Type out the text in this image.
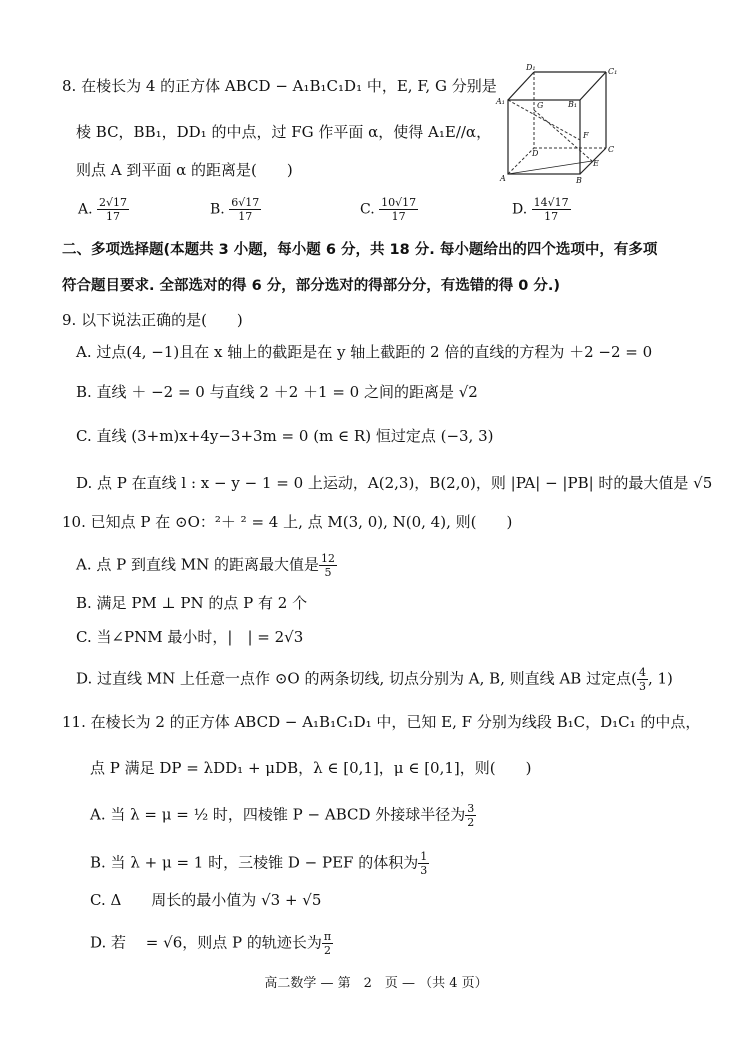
8. 在棱长为 4 的正方体 ABCD − A₁B₁C₁D₁ 中，E, F, G 分别是
棱 BC，BB₁，DD₁ 的中点，过 FG 作平面 α，使得 A₁E//α，
则点 A 到平面 α 的距离是(　　)
A. $\frac{2√17}{17}$	B. $\frac{6√17}{17}$	C. $\frac{10√17}{17}$	D. $\frac{14√17}{17}$
D₁	C₁
A₁	B₁
G
F
D	C
E
A	B
二、多项选择题(本题共 3 小题，每小题 6 分，共 18 分. 每小题给出的四个选项中，有多项
符合题目要求. 全部选对的得 6 分，部分选对的得部分分，有选错的得 0 分.)
9. 以下说法正确的是(　　)
A. 过点(4, −1)且在 x 轴上的截距是在 y 轴上截距的 2 倍的直线的方程为 ＋2 −2 = 0
B. 直线 ＋ −2 = 0 与直线 2 ＋2 ＋1 = 0 之间的距离是 √2
C. 直线 (3+m)x+4y−3+3m = 0 (m ∈ R) 恒过定点 (−3, 3)
D. 点 P 在直线 l : x − y − 1 = 0 上运动，A(2,3)，B(2,0)，则 |PA| − |PB| 时的最大值是 √5
10. 已知点 P 在 ⊙O：²＋ ² = 4 上, 点 M(3, 0), N(0, 4), 则(　　)
A. 点 P 到直线 MN 的距离最大值是 $\frac{12}{5}$
B. 满足 PM ⊥ PN 的点 P 有 2 个
C. 当∠PNM 最小时，|　| = 2√3
D. 过直线 MN 上任意一点作 ⊙O 的两条切线, 切点分别为 A, B, 则直线 AB 过定点( $\frac{4}{3}$ , 1)
11. 在棱长为 2 的正方体 ABCD − A₁B₁C₁D₁ 中，已知 E, F 分别为线段 B₁C，D₁C₁ 的中点，
点 P 满足 DP = λDD₁ + μDB，λ ∈ [0,1]，μ ∈ [0,1]，则(　　)
A. 当 λ = μ = ½ 时，四棱锥 P − ABCD 外接球半径为 $\frac{3}{2}$
B. 当 λ + μ = 1 时，三棱锥 D − PEF 的体积为 $\frac{1}{3}$
C. Δ　　周长的最小值为 √3 + √5
D. 若　 = √6，则点 P 的轨迹长为 $\frac{\pi}{2}$
高二数学 — 第　2　页 — （共 4 页）
